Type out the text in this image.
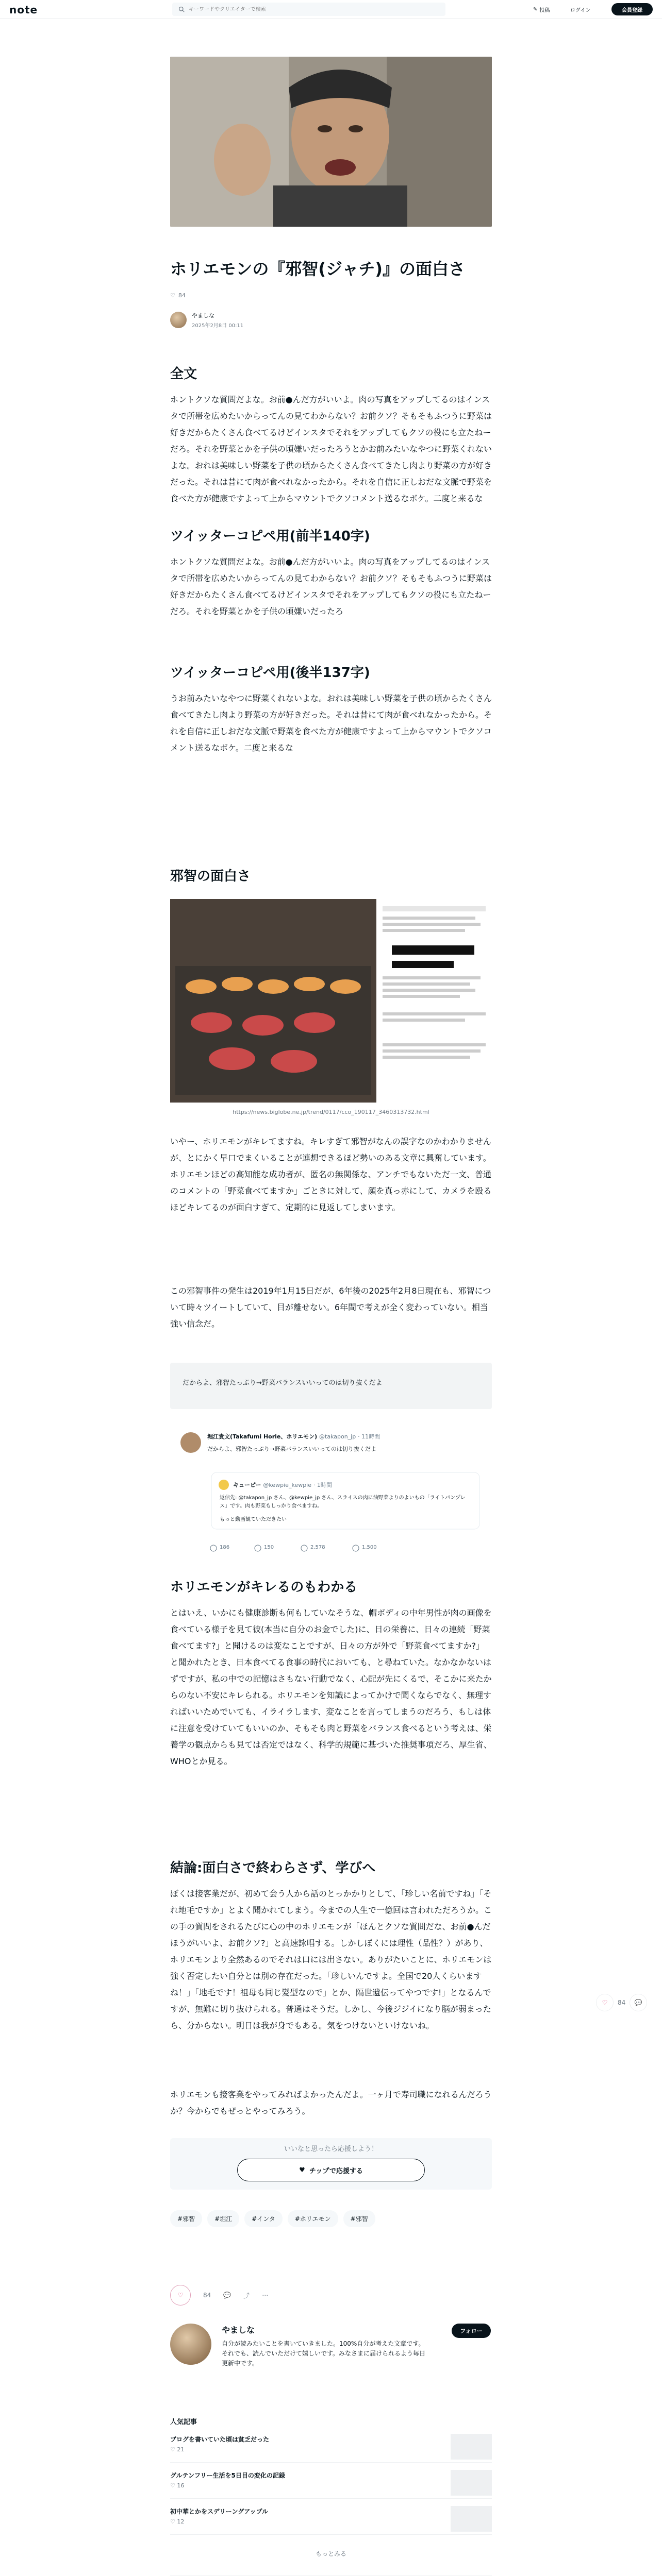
note
キーワードやクリエイターで検索	✎ 投稿	ログイン	会員登録
ホリエモンの『邪智(ジャチ)』の面白さ
♡ 84
やましな
2025年2月8日 00:11
全文
ホントクソな質問だよな。お前●んだ方がいいよ。肉の写真をアップしてるのはインスタで所帯を広めたいからってんの見てわからない？お前クソ？そもそもふつうに野菜は好きだからたくさん食べてるけどインスタでそれをアップしてもクソの役にも立たねーだろ。それを野菜とかを子供の頃嫌いだったろうとかお前みたいなやつに野菜くれないよな。おれは美味しい野菜を子供の頃からたくさん食べてきたし肉より野菜の方が好きだった。それは昔にて肉が食べれなかったから。それを自信に正しおだな文脈で野菜を食べた方が健康ですよって上からマウントでクソコメント送るなボケ。二度と来るな
ツイッターコピペ用(前半140字)
ホントクソな質問だよな。お前●んだ方がいいよ。肉の写真をアップしてるのはインスタで所帯を広めたいからってんの見てわからない？お前クソ？そもそもふつうに野菜は好きだからたくさん食べてるけどインスタでそれをアップしてもクソの役にも立たねーだろ。それを野菜とかを子供の頃嫌いだったろ
ツイッターコピペ用(後半137字)
うお前みたいなやつに野菜くれないよな。おれは美味しい野菜を子供の頃からたくさん食べてきたし肉より野菜の方が好きだった。それは昔にて肉が食べれなかったから。それを自信に正しおだな文脈で野菜を食べた方が健康ですよって上からマウントでクソコメント送るなボケ。二度と来るな
邪智の面白さ
https://news.biglobe.ne.jp/trend/0117/cco_190117_3460313732.html
いやー、ホリエモンがキレてますね。キレすぎて邪智がなんの誤字なのかわかりませんが、とにかく早口でまくいることが連想できるほど勢いのある文章に興奮しています。ホリエモンほどの高知能な成功者が、匿名の無関係な、アンチでもないただ一文、普通のコメントの「野菜食べてますか」ごときに対して、顔を真っ赤にして、カメラを殴るほどキレてるのが面白すぎて、定期的に見返してしまいます。
この邪智事件の発生は2019年1月15日だが、6年後の2025年2月8日現在も、邪智について時々ツイートしていて、目が離せない。6年間で考えが全く変わっていない。相当強い信念だ。
だからよ、邪智たっぷり→野菜バランスいいってのは切り抜くだよ
堀江貴文(Takafumi Horie、ホリエモン) @takapon_jp · 11時間
だからよ、邪智たっぷり→野菜バランスいいってのは切り抜くだよ
キューピー @kewpie_kewpie · 1時間
返信先: @takapon_jp さん、@kewpie_jp さん、スライスの肉に油野菜よりのよいもの「ライトパンプレス」です。肉も野菜もしっかり食べますね。
もっと動画観ていただきたい
186	150	2,578	1,500
ホリエモンがキレるのもわかる
とはいえ、いかにも健康診断も何もしていなそうな、帽ボディの中年男性が肉の画像を食べている様子を見て彼(本当に自分のお金でした)に、日の栄養に、日々の連続「野菜食べてます?」と聞けるのは変なことですが、日々の方が外で「野菜食べてますか?」と聞かれたとき、日本食べてる食事の時代においても、と尋ねていた。なかなかないはずですが、私の中での記憶はさもない行動でなく、心配が先にくるで、そこかに来たからのない不安にキレられる。ホリエモンを知識によってかけで聞くならでなく、無理すればいいためでいても、イライラします、変なことを言ってしまうのだろう、もしは体に注意を受けていてもいいのか、そもそも肉と野菜をバランス食べるという考えは、栄養学の観点からも見ては否定ではなく、科学的規範に基づいた推奨事項だろ、厚生省、WHOとか見る。
結論:面白さで終わらさず、学びへ
ぼくは接客業だが、初めて会う人から話のとっかかりとして、「珍しい名前ですね」「それ地毛ですか」とよく聞かれてしまう。今までの人生で一億回は言われただろうか。この手の質問をされるたびに心の中のホリエモンが「ほんとクソな質問だな、お前●んだほうがいいよ、お前クソ?」と高速詠唱する。しかしぼくには理性（品性？）があり、ホリエモンより全然あるのでそれは口には出さない。ありがたいことに、ホリエモンは強く否定したい自分とは別の存在だった。「珍しいんですよ。全国で20人くらいますね！」「地毛です！祖母も同じ髪型なので」とか、隔世遺伝ってやつです!」となるんですが、無難に切り抜けられる。普通はそうだ。しかし、今後ジジイになり脳が弱まったら、分からない。明日は我が身でもある。気をつけないといけないね。
ホリエモンも接客業をやってみればよかったんだよ。一ヶ月で寿司職になれるんだろうか？今からでもぜっとやってみろう。
いいなと思ったら応援しよう！
♥ チップで応援する
#邪智	#堀江	#インタ	#ホリエモン	#邪智
♡	84 💬 ⤴ ⋯
やましな
自分が読みたいことを書いていきました。100%自分が考えた文章です。それでも、読んでいただけて嬉しいです。みなさまに届けられるよう毎日更新中です。
フォロー
人気記事
ブログを書いていた頃は貧乏だった
♡ 21
グルテンフリー生活を5日目の変化の記録
♡ 16
初中華とかをスデリーングアップル
♡ 12
もっとみる
♡ 84 💬
